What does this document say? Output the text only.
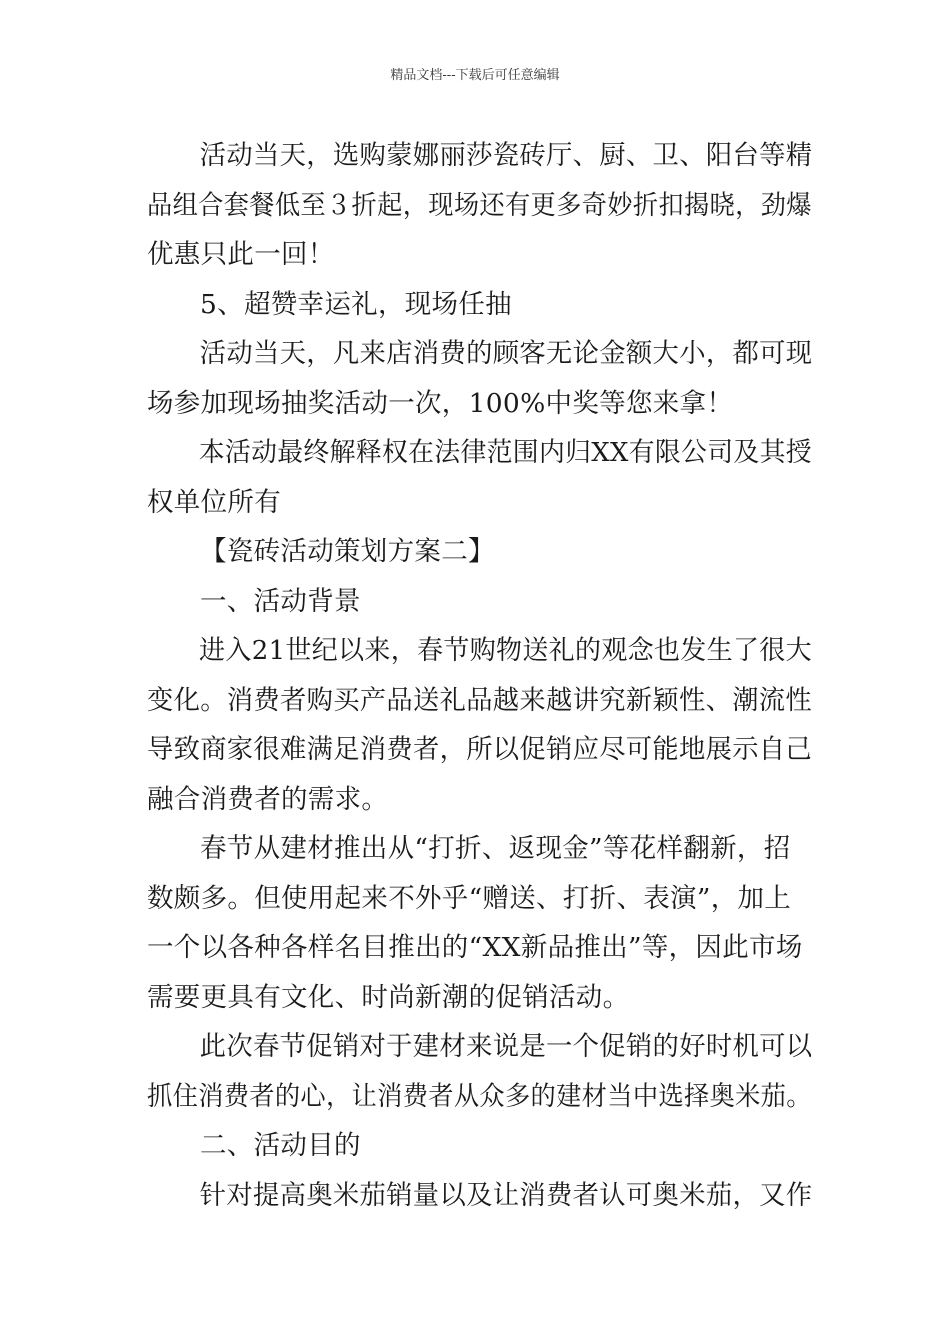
精品文档---下载后可任意编辑
活动当天，选购蒙娜丽莎瓷砖厅、厨、卫、阳台等精
品组合套餐低至３折起，现场还有更多奇妙折扣揭晓，劲爆
优惠只此一回！
5、超赞幸运礼，现场任抽
活动当天，凡来店消费的顾客无论金额大小，都可现
场参加现场抽奖活动一次，100%中奖等您来拿！
本活动最终解释权在法律范围内归XX有限公司及其授
权单位所有
【瓷砖活动策划方案二】
一、活动背景
进入21世纪以来，春节购物送礼的观念也发生了很大
变化。消费者购买产品送礼品越来越讲究新颖性、潮流性
导致商家很难满足消费者，所以促销应尽可能地展示自己
融合消费者的需求。
春节从建材推出从“打折、返现金”等花样翻新，招
数颇多。但使用起来不外乎“赠送、打折、表演”，加上
一个以各种各样名目推出的“XX新品推出”等，因此市场
需要更具有文化、时尚新潮的促销活动。
此次春节促销对于建材来说是一个促销的好时机可以
抓住消费者的心，让消费者从众多的建材当中选择奥米茄。
二、活动目的
针对提高奥米茄销量以及让消费者认可奥米茄，又作
